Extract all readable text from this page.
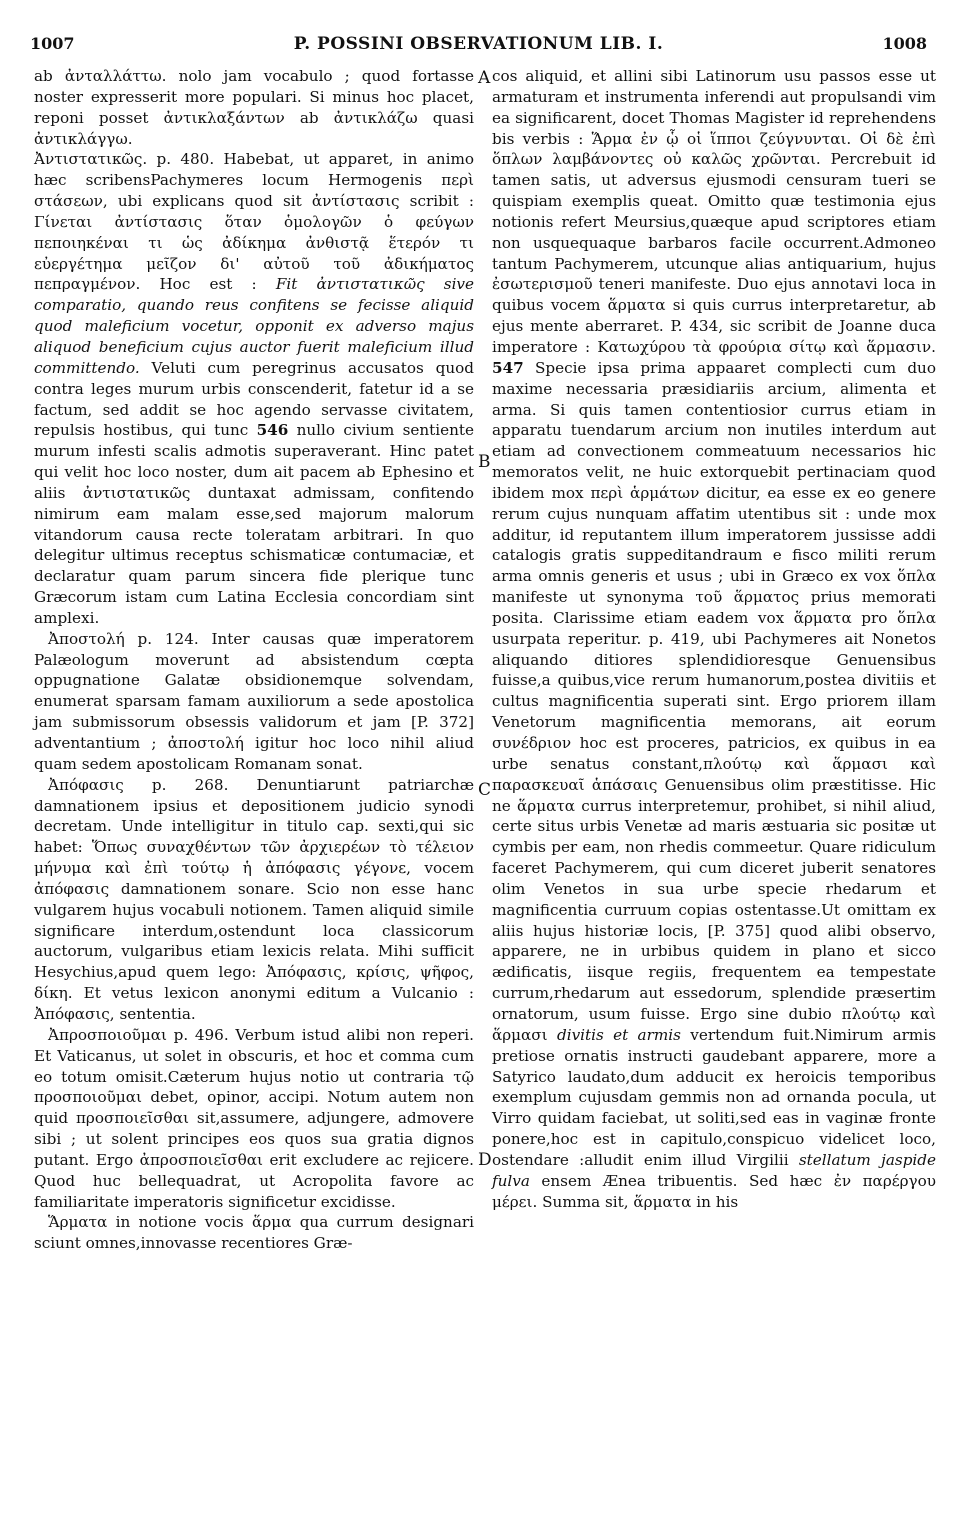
1007	P. POSSINI OBSERVATIONUM LIB. I.	1008
A
B
C
D

ab ἀνταλλάττω. nolo jam vocabulo ; quod fortasse noster expresserit more populari. Si minus hoc placet, reponi posset ἀντικλαξάντων ab ἀντικλάζω quasi ἀντικλάγγω.

Ἀντιστατικῶς. p. 480. Habebat, ut apparet, in animo hæc scribensPachymeres locum Hermogenis περὶ στάσεων, ubi explicans quod sit ἀντίστασις scribit : Γίνεται ἀντίστασις ὅταν ὁμολογῶν ὁ φεύγων πεποιηκέναι τι ὡς ἀδίκημα ἀνθιστᾷ ἕτερόν τι εὐεργέτημα μεῖζον δι' αὐτοῦ τοῦ ἀδικήματος πεπραγμένον. Hoc est : Fit ἀντιστατικῶς sive comparatio, quando reus confitens se fecisse aliquid quod maleficium vocetur, opponit ex adverso majus aliquod beneficium cujus auctor fuerit maleficium illud committendo. Veluti cum peregrinus accusatos quod contra leges murum urbis conscenderit, fatetur id a se factum, sed addit se hoc agendo servasse civitatem, repulsis hostibus, qui tunc 546 nullo civium sentiente murum infesti scalis admotis superaverant. Hinc patet qui velit hoc loco noster, dum ait pacem ab Ephesino et aliis ἀντιστατικῶς duntaxat admissam, confitendo nimirum eam malam esse,sed majorum malorum vitandorum causa recte toleratam arbitrari. In quo delegitur ultimus receptus schismaticæ contumaciæ, et declaratur quam parum sincera fide plerique tunc Græcorum istam cum Latina Ecclesia concordiam sint amplexi.

Ἀποστολή p. 124. Inter causas quæ imperatorem Palæologum moverunt ad absistendum cœpta oppugnatione Galatæ obsidionemque solvendam, enumerat sparsam famam auxiliorum a sede apostolica jam submissorum obsessis validorum et jam [P. 372] adventantium ; ἀποστολή igitur hoc loco nihil aliud quam sedem apostolicam Romanam sonat.

Ἀπόφασις p. 268. Denuntiarunt patriarchæ damnationem ipsius et depositionem judicio synodi decretam. Unde intelligitur in titulo cap. sexti,qui sic habet: Ὅπως συναχθέντων τῶν ἀρχιερέων τὸ τέλειον μήνυμα καὶ ἐπὶ τούτῳ ἡ ἀπόφασις γέγονε, vocem ἀπόφασις damnationem sonare. Scio non esse hanc vulgarem hujus vocabuli notionem. Tamen aliquid simile significare interdum,ostendunt loca classicorum auctorum, vulgaribus etiam lexicis relata. Mihi sufficit Hesychius,apud quem lego: Ἀπόφασις, κρίσις, ψῆφος, δίκη. Et vetus lexicon anonymi editum a Vulcanio : Ἀπόφασις, sententia.

Ἀπροσποιοῦμαι p. 496. Verbum istud alibi non reperi. Et Vaticanus, ut solet in obscuris, et hoc et comma cum eo totum omisit.Cæterum hujus notio ut contraria τῷ προσποιοῦμαι debet, opinor, accipi. Notum autem non quid προσποιεῖσθαι sit,assumere, adjungere, admovere sibi ; ut solent principes eos quos sua gratia dignos putant. Ergo ἀπροσποιεῖσθαι erit excludere ac rejicere. Quod huc bellequadrat, ut Acropolita favore ac familiaritate imperatoris significetur excidisse.

Ἅρματα in notione vocis ἅρμα qua currum designari sciunt omnes,innovasse recentiores Græ-

cos aliquid, et allini sibi Latinorum usu passos esse ut armaturam et instrumenta inferendi aut propulsandi vim ea significarent, docet Thomas Magister id reprehendens bis verbis : Ἅρμα ἐν ᾧ οἱ ἵπποι ζεύγνυνται. Οἱ δὲ ἐπὶ ὅπλων λαμβάνοντες οὐ καλῶς χρῶνται. Percrebuit id tamen satis, ut adversus ejusmodi censuram tueri se quispiam exemplis queat. Omitto quæ testimonia ejus notionis refert Meursius,quæque apud scriptores etiam non usquequaque barbaros facile occurrent.Admoneo tantum Pachymerem, utcunque alias antiquarium, hujus ἐσωτερισμοῦ teneri manifeste. Duo ejus annotavi loca in quibus vocem ἅρματα si quis currus interpretaretur, ab ejus mente aberraret. P. 434, sic scribit de Joanne duca imperatore : Κατωχύρου τὰ φρούρια σίτῳ καὶ ἅρμασιν. 547 Specie ipsa prima appaaret complecti cum duo maxime necessaria præsidiariis arcium, alimenta et arma. Si quis tamen contentiosior currus etiam in apparatu tuendarum arcium non inutiles interdum aut etiam ad convectionem commeatuum necessarios hic memoratos velit, ne huic extorquebit pertinaciam quod ibidem mox περὶ ἁρμάτων dicitur, ea esse ex eo genere rerum cujus nunquam affatim utentibus sit : unde mox additur, id reputantem illum imperatorem jussisse addi catalogis gratis suppeditandraum e fisco militi rerum arma omnis generis et usus ; ubi in Græco ex vox ὅπλα manifeste ut synonyma τοῦ ἅρματος prius memorati posita. Clarissime etiam eadem vox ἅρματα pro ὅπλα usurpata reperitur. p. 419, ubi Pachymeres ait Nonetos aliquando ditiores splendidioresque Genuensibus fuisse,a quibus,vice rerum humanorum,postea divitiis et cultus magnificentia superati sint. Ergo priorem illam Venetorum magnificentia memorans, ait eorum συνέδριον hoc est proceres, patricios, ex quibus in ea urbe senatus constant,πλούτῳ καὶ ἅρμασι καὶ παρασκευαῖ ἁπάσαις Genuensibus olim præstitisse. Hic ne ἅρματα currus interpretemur, prohibet, si nihil aliud, certe situs urbis Venetæ ad maris æstuaria sic positæ ut cymbis per eam, non rhedis commeetur. Quare ridiculum faceret Pachymerem, qui cum diceret juberit senatores olim Venetos in sua urbe specie rhedarum et magnificentia curruum copias ostentasse.Ut omittam ex aliis hujus historiæ locis, [P. 375] quod alibi observo, apparere, ne in urbibus quidem in plano et sicco ædificatis, iisque regiis, frequentem ea tempestate currum,rhedarum aut essedorum, splendide præsertim ornatorum, usum fuisse. Ergo sine dubio πλούτῳ καὶ ἅρμασι divitis et armis vertendum fuit.Nimirum armis pretiose ornatis instructi gaudebant apparere, more a Satyrico laudato,dum adducit ex heroicis temporibus exemplum cujusdam gemmis non ad ornanda pocula, ut Virro quidam faciebat, ut soliti,sed eas in vaginæ fronte ponere,hoc est in capitulo,conspicuo videlicet loco, ostendare :alludit enim illud Virgilii stellatum jaspide fulva ensem Ænea tribuentis. Sed hæc ἐν παρέργου μέρει. Summa sit, ἅρματα in his
